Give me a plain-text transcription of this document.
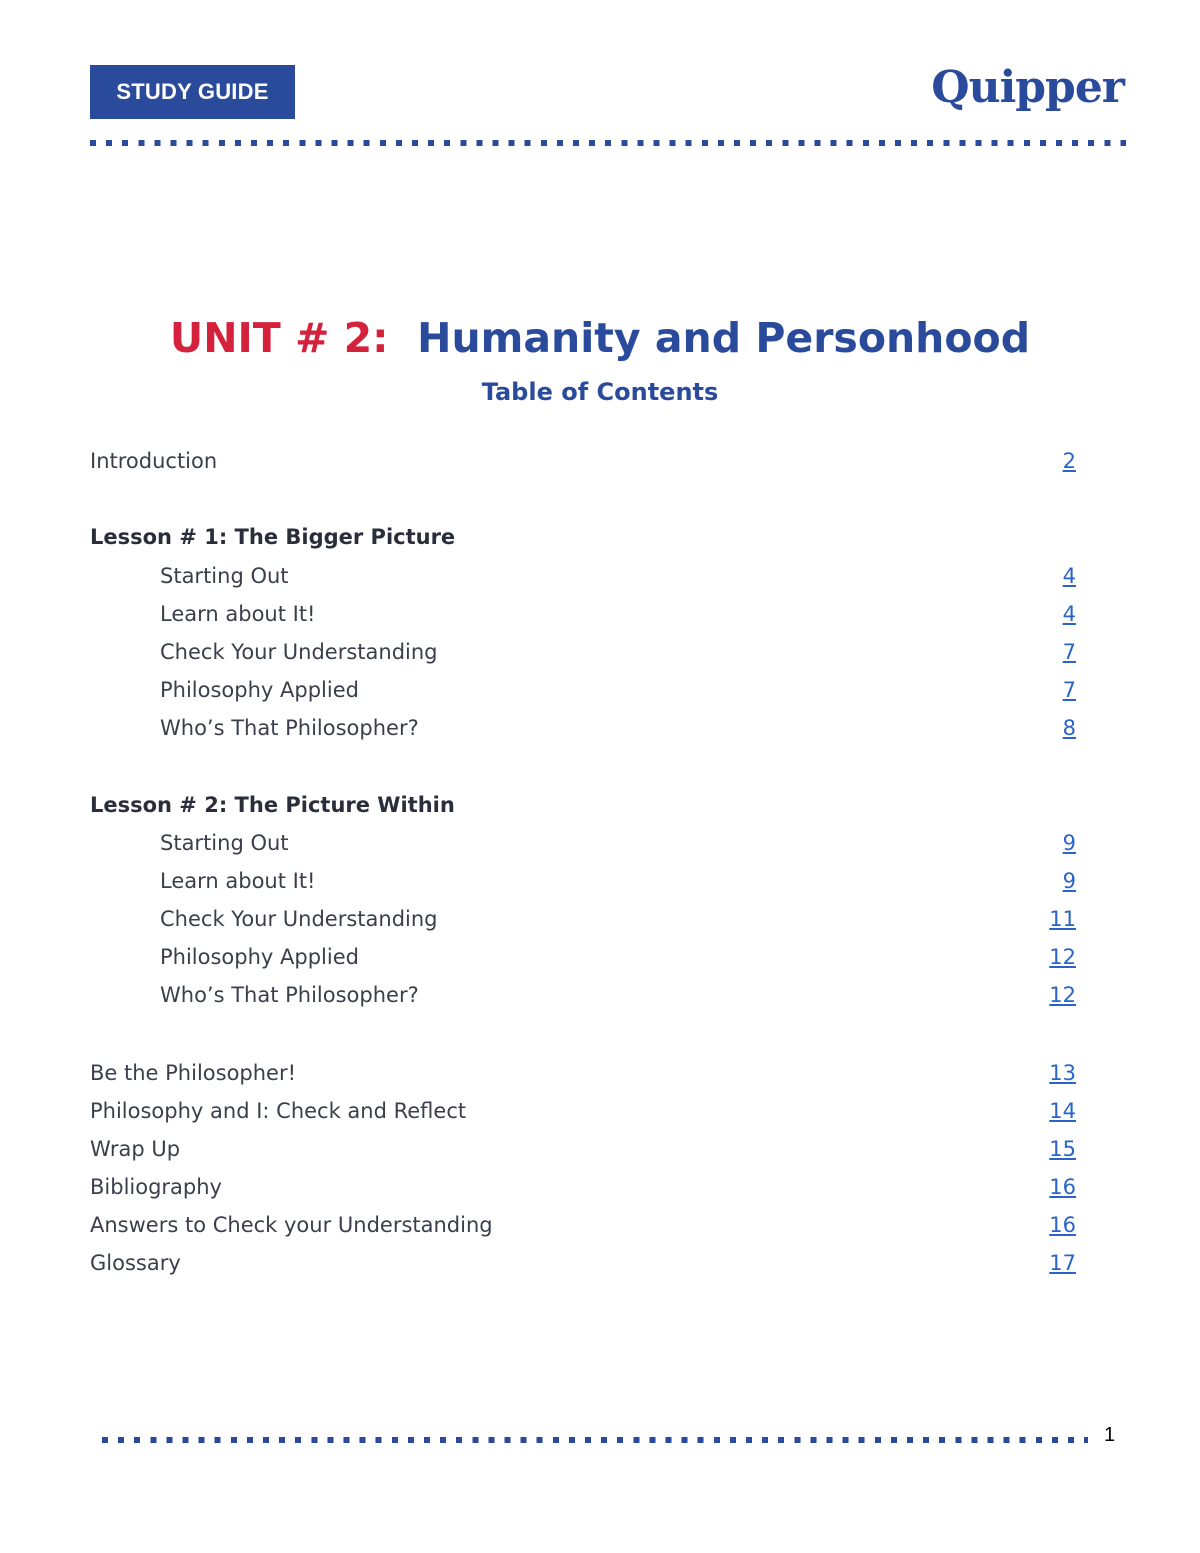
STUDY GUIDE	Quipper
UNIT # 2: Humanity and Personhood
Table of Contents
Introduction	2
Lesson # 1: The Bigger Picture
Starting Out	4
Learn about It!	4
Check Your Understanding	7
Philosophy Applied	7
Who’s That Philosopher?	8
Lesson # 2: The Picture Within
Starting Out	9
Learn about It!	9
Check Your Understanding	11
Philosophy Applied	12
Who’s That Philosopher?	12
Be the Philosopher!	13
Philosophy and I: Check and Reflect	14
Wrap Up	15
Bibliography	16
Answers to Check your Understanding	16
Glossary	17
1
